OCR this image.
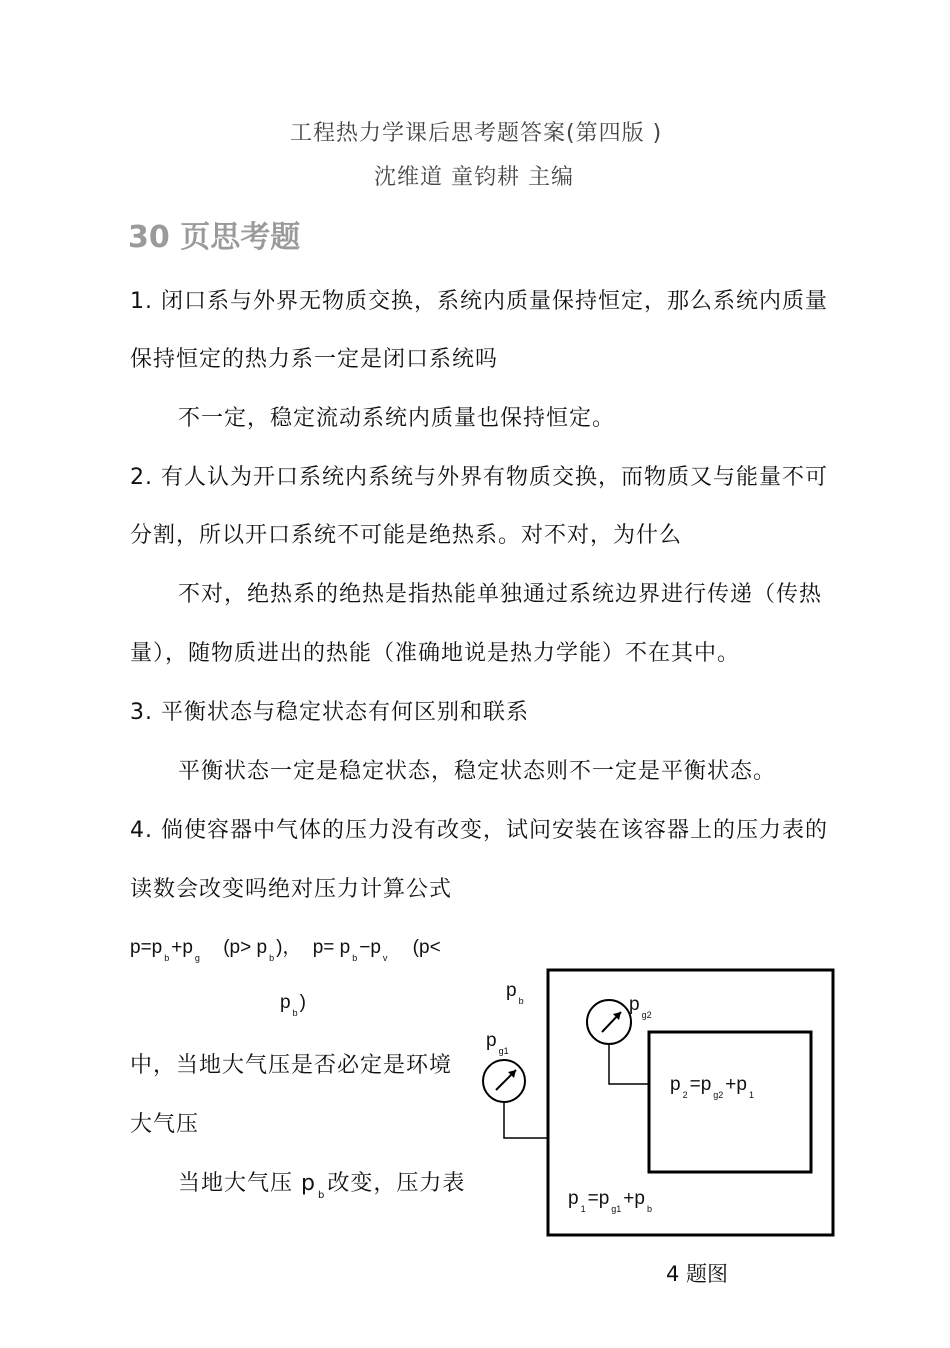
工程热力学课后思考题答案(第四版 )
沈维道 童钧耕 主编
30 页思考题
1. 闭口系与外界无物质交换，系统内质量保持恒定，那么系统内质量
保持恒定的热力系一定是闭口系统吗
不一定，稳定流动系统内质量也保持恒定。
2. 有人认为开口系统内系统与外界有物质交换，而物质又与能量不可
分割，所以开口系统不可能是绝热系。对不对，为什么
不对，绝热系的绝热是指热能单独通过系统边界进行传递（传热
量），随物质进出的热能（准确地说是热力学能）不在其中。
3. 平衡状态与稳定状态有何区别和联系
平衡状态一定是稳定状态，稳定状态则不一定是平衡状态。
4. 倘使容器中气体的压力没有改变，试问安装在该容器上的压力表的
读数会改变吗绝对压力计算公式
p=p $_b$ +p $_g$ (p> p $_b$ )， p= p $_b$ −p $_v$ (p<
p $_b$ )
中，当地大气压是否必定是环境
大气压
当地大气压 p $_b$改变，压力表
p $_b$
p $_{g1}$
p $_{g2}$
p $_2$ =p $_{g2}$ +p $_1$
p $_1$ =p $_{g1}$ +p $_b$
4 题图
